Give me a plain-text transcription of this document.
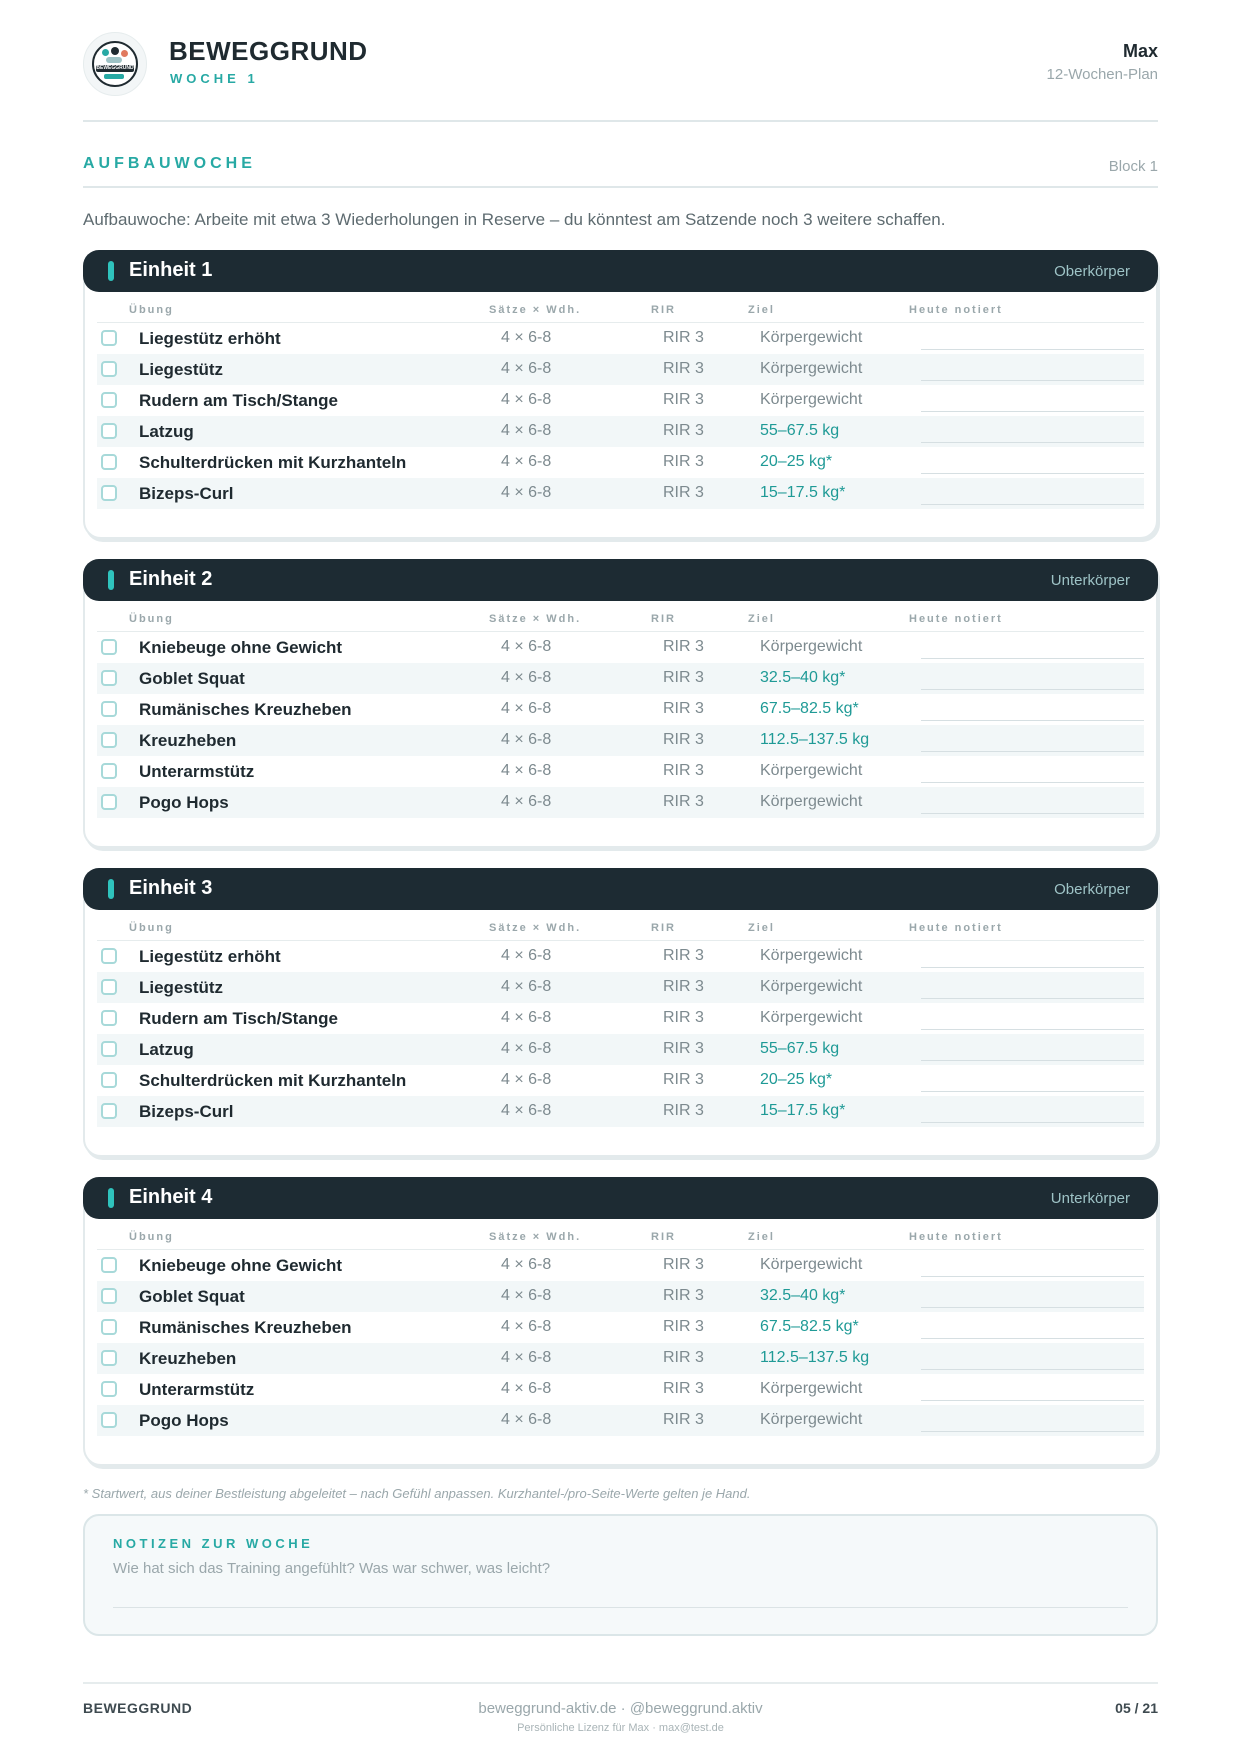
BEWEGGRUND
BEWEGGRUND
WOCHE 1
Max
12-Wochen-Plan
AUFBAUWOCHE	Block 1
Aufbauwoche: Arbeite mit etwa 3 Wiederholungen in Reserve – du könntest am Satzende noch 3 weitere schaffen.
Einheit 1	Oberkörper
Übung	Sätze × Wdh.	RIR	Ziel	Heute notiert
Liegestütz erhöht	4 × 6-8	RIR 3	Körpergewicht
Liegestütz	4 × 6-8	RIR 3	Körpergewicht
Rudern am Tisch/Stange	4 × 6-8	RIR 3	Körpergewicht
Latzug	4 × 6-8	RIR 3	55–67.5 kg
Schulterdrücken mit Kurzhanteln	4 × 6-8	RIR 3	20–25 kg*
Bizeps-Curl	4 × 6-8	RIR 3	15–17.5 kg*
Einheit 2	Unterkörper
Übung	Sätze × Wdh.	RIR	Ziel	Heute notiert
Kniebeuge ohne Gewicht	4 × 6-8	RIR 3	Körpergewicht
Goblet Squat	4 × 6-8	RIR 3	32.5–40 kg*
Rumänisches Kreuzheben	4 × 6-8	RIR 3	67.5–82.5 kg*
Kreuzheben	4 × 6-8	RIR 3	112.5–137.5 kg
Unterarmstütz	4 × 6-8	RIR 3	Körpergewicht
Pogo Hops	4 × 6-8	RIR 3	Körpergewicht
Einheit 3	Oberkörper
Übung	Sätze × Wdh.	RIR	Ziel	Heute notiert
Liegestütz erhöht	4 × 6-8	RIR 3	Körpergewicht
Liegestütz	4 × 6-8	RIR 3	Körpergewicht
Rudern am Tisch/Stange	4 × 6-8	RIR 3	Körpergewicht
Latzug	4 × 6-8	RIR 3	55–67.5 kg
Schulterdrücken mit Kurzhanteln	4 × 6-8	RIR 3	20–25 kg*
Bizeps-Curl	4 × 6-8	RIR 3	15–17.5 kg*
Einheit 4	Unterkörper
Übung	Sätze × Wdh.	RIR	Ziel	Heute notiert
Kniebeuge ohne Gewicht	4 × 6-8	RIR 3	Körpergewicht
Goblet Squat	4 × 6-8	RIR 3	32.5–40 kg*
Rumänisches Kreuzheben	4 × 6-8	RIR 3	67.5–82.5 kg*
Kreuzheben	4 × 6-8	RIR 3	112.5–137.5 kg
Unterarmstütz	4 × 6-8	RIR 3	Körpergewicht
Pogo Hops	4 × 6-8	RIR 3	Körpergewicht
* Startwert, aus deiner Bestleistung abgeleitet – nach Gefühl anpassen. Kurzhantel-/pro-Seite-Werte gelten je Hand.
NOTIZEN ZUR WOCHE
Wie hat sich das Training angefühlt? Was war schwer, was leicht?
BEWEGGRUND	beweggrund-aktiv.de · @beweggrund.aktiv
Persönliche Lizenz für Max · max@test.de
05 / 21
